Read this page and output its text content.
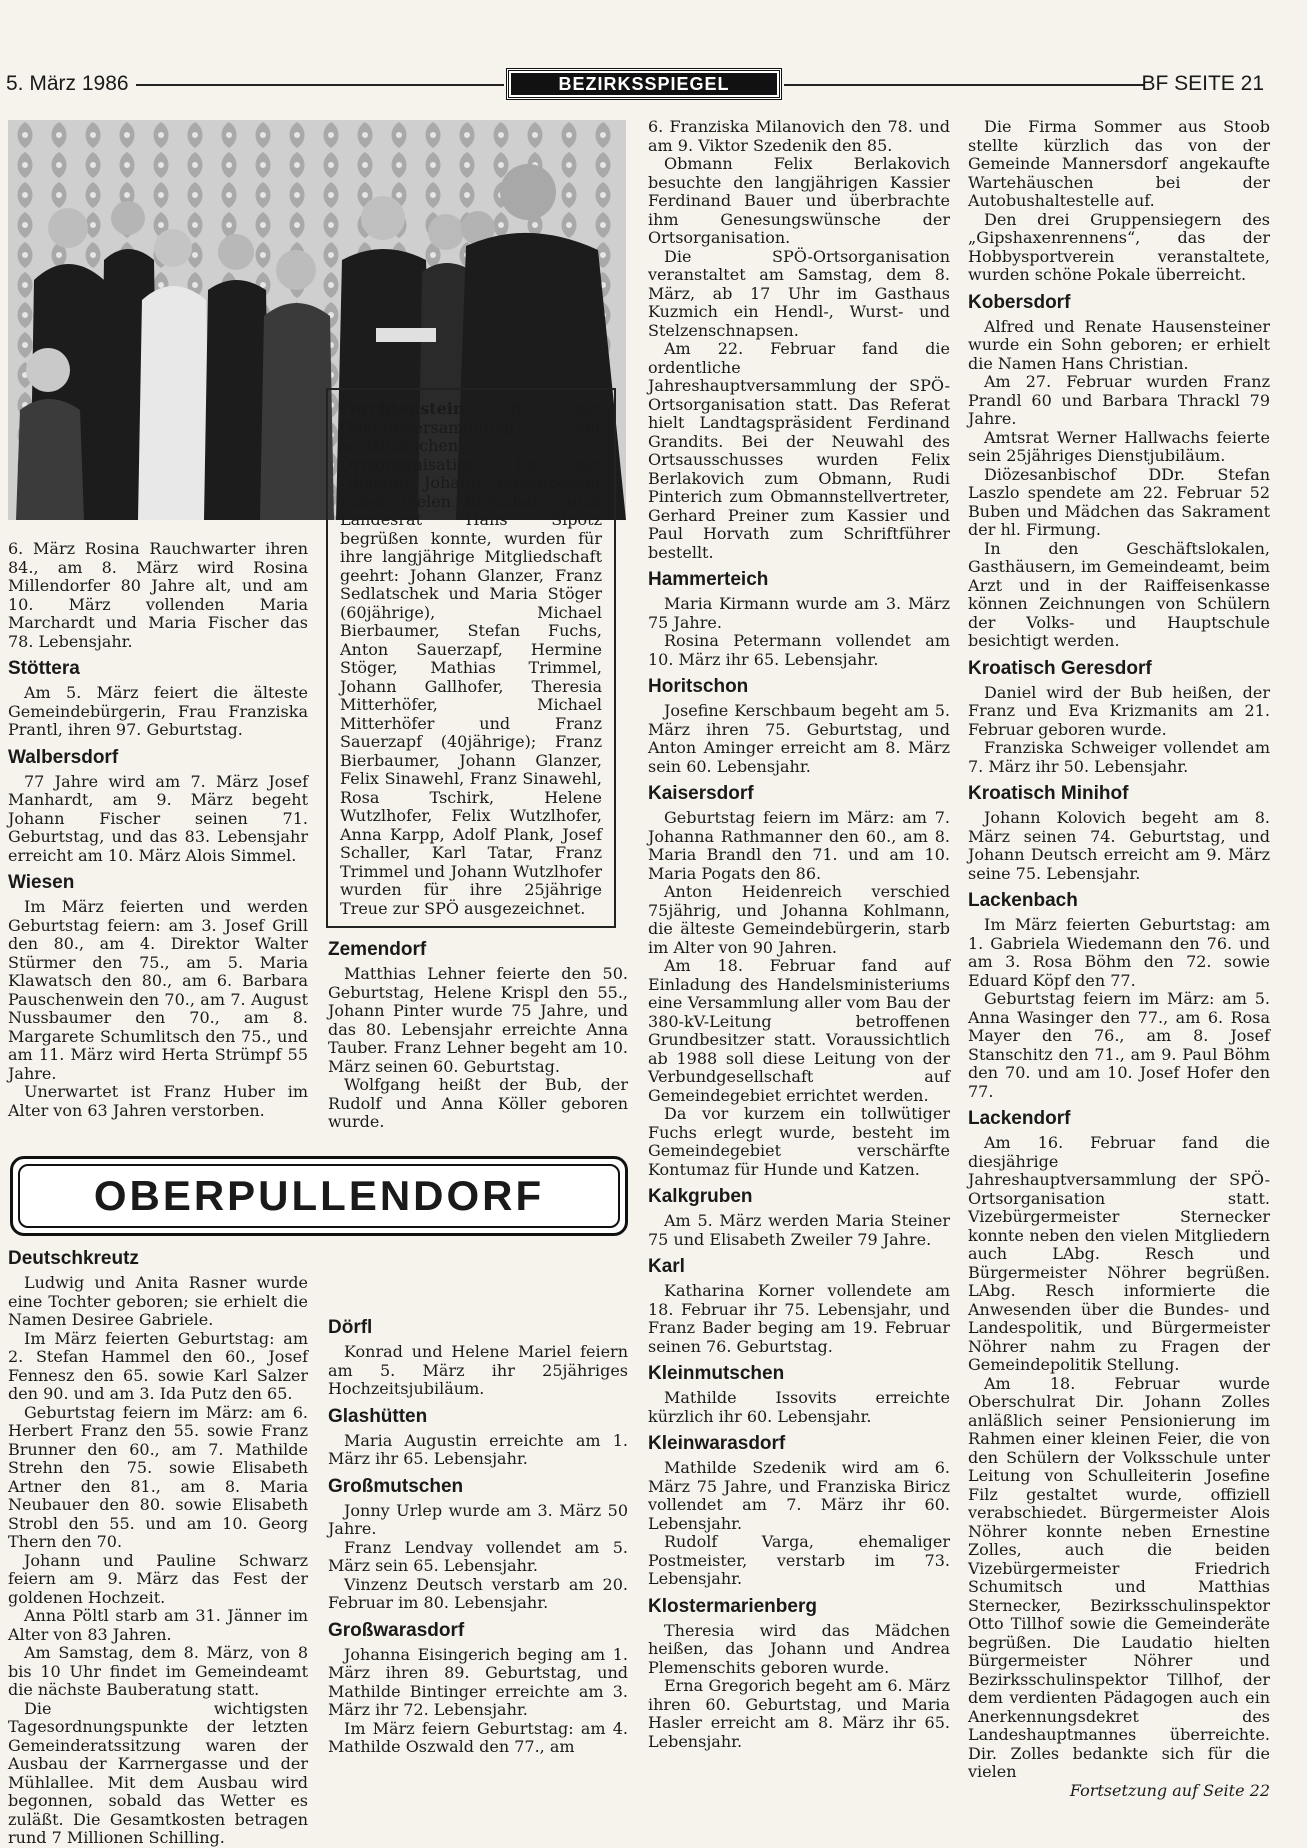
5. März 1986	BEZIRKSSPIEGEL	BF SEITE 21

Forchtenstein. Bei der Generalversammlung der sozialistischen Ortsorganisation, bei der Obmann Johann Eitzenberger neben vielen Besuchern auch Landesrat Hans Sipötz begrüßen konnte, wurden für ihre langjährige Mitgliedschaft geehrt: Johann Glanzer, Franz Sedlatschek und Maria Stöger (60jährige), Michael Bierbaumer, Stefan Fuchs, Anton Sauerzapf, Hermine Stöger, Mathias Trimmel, Johann Gallhofer, Theresia Mitterhöfer, Michael Mitterhöfer und Franz Sauerzapf (40jährige); Franz Bierbaumer, Johann Glanzer, Felix Sinawehl, Franz Sinawehl, Rosa Tschirk, Helene Wutzlhofer, Felix Wutzlhofer, Anna Karpp, Adolf Plank, Josef Schaller, Karl Tatar, Franz Trimmel und Johann Wutzlhofer wurden für ihre 25jährige Treue zur SPÖ ausgezeichnet.

6. März Rosina Rauchwarter ihren 84., am 8. März wird Rosina Millendorfer 80 Jahre alt, und am 10. März vollenden Maria Marchardt und Maria Fischer das 78. Lebensjahr.

Stöttera

Am 5. März feiert die älteste Gemeindebürgerin, Frau Franziska Prantl, ihren 97. Geburtstag.

Walbersdorf

77 Jahre wird am 7. März Josef Manhardt, am 9. März begeht Johann Fischer seinen 71. Geburtstag, und das 83. Lebensjahr erreicht am 10. März Alois Simmel.

Wiesen

Im März feierten und werden Geburtstag feiern: am 3. Josef Grill den 80., am 4. Direktor Walter Stürmer den 75., am 5. Maria Klawatsch den 80., am 6. Barbara Pauschenwein den 70., am 7. August Nussbaumer den 70., am 8. Margarete Schumlitsch den 75., und am 11. März wird Herta Strümpf 55 Jahre.

Unerwartet ist Franz Huber im Alter von 63 Jahren verstorben.

Zemendorf

Matthias Lehner feierte den 50. Geburtstag, Helene Krispl den 55., Johann Pinter wurde 75 Jahre, und das 80. Lebensjahr erreichte Anna Tauber. Franz Lehner begeht am 10. März seinen 60. Geburtstag.

Wolfgang heißt der Bub, der Rudolf und Anna Köller geboren wurde.

OBERPULLENDORF
Deutschkreutz

Ludwig und Anita Rasner wurde eine Tochter geboren; sie erhielt die Namen Desiree Gabriele.

Im März feierten Geburtstag: am 2. Stefan Hammel den 60., Josef Fennesz den 65. sowie Karl Salzer den 90. und am 3. Ida Putz den 65.

Geburtstag feiern im März: am 6. Herbert Franz den 55. sowie Franz Brunner den 60., am 7. Mathilde Strehn den 75. sowie Elisabeth Artner den 81., am 8. Maria Neubauer den 80. sowie Elisabeth Strobl den 55. und am 10. Georg Thern den 70.

Johann und Pauline Schwarz feiern am 9. März das Fest der goldenen Hochzeit.

Anna Pöltl starb am 31. Jänner im Alter von 83 Jahren.

Am Samstag, dem 8. März, von 8 bis 10 Uhr findet im Gemeindeamt die nächste Bauberatung statt.

Die wichtigsten Tagesordnungspunkte der letzten Gemeinderatssitzung waren der Ausbau der Karrnergasse und der Mühlallee. Mit dem Ausbau wird begonnen, sobald das Wetter es zuläßt. Die Gesamtkosten betragen rund 7 Millionen Schilling.

Dörfl

Konrad und Helene Mariel feiern am 5. März ihr 25jähriges Hochzeitsjubiläum.

Glashütten

Maria Augustin erreichte am 1. März ihr 65. Lebensjahr.

Großmutschen

Jonny Urlep wurde am 3. März 50 Jahre.

Franz Lendvay vollendet am 5. März sein 65. Lebensjahr.

Vinzenz Deutsch verstarb am 20. Februar im 80. Lebensjahr.

Großwarasdorf

Johanna Eisingerich beging am 1. März ihren 89. Geburtstag, und Mathilde Bintinger erreichte am 3. März ihr 72. Lebensjahr.

Im März feiern Geburtstag: am 4. Mathilde Oszwald den 77., am

6. Franziska Milanovich den 78. und am 9. Viktor Szedenik den 85.

Obmann Felix Berlakovich besuchte den langjährigen Kassier Ferdinand Bauer und überbrachte ihm Genesungswünsche der Ortsorganisation.

Die SPÖ-Ortsorganisation veranstaltet am Samstag, dem 8. März, ab 17 Uhr im Gasthaus Kuzmich ein Hendl-, Wurst- und Stelzenschnapsen.

Am 22. Februar fand die ordentliche Jahreshauptversammlung der SPÖ-Ortsorganisation statt. Das Referat hielt Landtagspräsident Ferdinand Grandits. Bei der Neuwahl des Ortsausschusses wurden Felix Berlakovich zum Obmann, Rudi Pinterich zum Obmannstellvertreter, Gerhard Preiner zum Kassier und Paul Horvath zum Schriftführer bestellt.

Hammerteich

Maria Kirmann wurde am 3. März 75 Jahre.

Rosina Petermann vollendet am 10. März ihr 65. Lebensjahr.

Horitschon

Josefine Kerschbaum begeht am 5. März ihren 75. Geburtstag, und Anton Aminger erreicht am 8. März sein 60. Lebensjahr.

Kaisersdorf

Geburtstag feiern im März: am 7. Johanna Rathmanner den 60., am 8. Maria Brandl den 71. und am 10. Maria Pogats den 86.

Anton Heidenreich verschied 75jährig, und Johanna Kohlmann, die älteste Gemeindebürgerin, starb im Alter von 90 Jahren.

Am 18. Februar fand auf Einladung des Handelsministeriums eine Versammlung aller vom Bau der 380-kV-Leitung betroffenen Grundbesitzer statt. Voraussichtlich ab 1988 soll diese Leitung von der Verbundgesellschaft auf Gemeindegebiet errichtet werden.

Da vor kurzem ein tollwütiger Fuchs erlegt wurde, besteht im Gemeindegebiet verschärfte Kontumaz für Hunde und Katzen.

Kalkgruben

Am 5. März werden Maria Steiner 75 und Elisabeth Zweiler 79 Jahre.

Karl

Katharina Korner vollendete am 18. Februar ihr 75. Lebensjahr, und Franz Bader beging am 19. Februar seinen 76. Geburtstag.

Kleinmutschen

Mathilde Issovits erreichte kürzlich ihr 60. Lebensjahr.

Kleinwarasdorf

Mathilde Szedenik wird am 6. März 75 Jahre, und Franziska Biricz vollendet am 7. März ihr 60. Lebensjahr.

Rudolf Varga, ehemaliger Postmeister, verstarb im 73. Lebensjahr.

Klostermarienberg

Theresia wird das Mädchen heißen, das Johann und Andrea Plemenschits geboren wurde.

Erna Gregorich begeht am 6. März ihren 60. Geburtstag, und Maria Hasler erreicht am 8. März ihr 65. Lebensjahr.

Die Firma Sommer aus Stoob stellte kürzlich das von der Gemeinde Mannersdorf angekaufte Wartehäuschen bei der Autobushaltestelle auf.

Den drei Gruppensiegern des „Gipshaxenrennens“, das der Hobbysportverein veranstaltete, wurden schöne Pokale überreicht.

Kobersdorf

Alfred und Renate Hausensteiner wurde ein Sohn geboren; er erhielt die Namen Hans Christian.

Am 27. Februar wurden Franz Prandl 60 und Barbara Thrackl 79 Jahre.

Amtsrat Werner Hallwachs feierte sein 25jähriges Dienstjubiläum.

Diözesanbischof DDr. Stefan Laszlo spendete am 22. Februar 52 Buben und Mädchen das Sakrament der hl. Firmung.

In den Geschäftslokalen, Gasthäusern, im Gemeindeamt, beim Arzt und in der Raiffeisenkasse können Zeichnungen von Schülern der Volks- und Hauptschule besichtigt werden.

Kroatisch Geresdorf

Daniel wird der Bub heißen, der Franz und Eva Krizmanits am 21. Februar geboren wurde.

Franziska Schweiger vollendet am 7. März ihr 50. Lebensjahr.

Kroatisch Minihof

Johann Kolovich begeht am 8. März seinen 74. Geburtstag, und Johann Deutsch erreicht am 9. März seine 75. Lebensjahr.

Lackenbach

Im März feierten Geburtstag: am 1. Gabriela Wiedemann den 76. und am 3. Rosa Böhm den 72. sowie Eduard Köpf den 77.

Geburtstag feiern im März: am 5. Anna Wasinger den 77., am 6. Rosa Mayer den 76., am 8. Josef Stanschitz den 71., am 9. Paul Böhm den 70. und am 10. Josef Hofer den 77.

Lackendorf

Am 16. Februar fand die diesjährige Jahreshauptversammlung der SPÖ-Ortsorganisation statt. Vizebürgermeister Sternecker konnte neben den vielen Mitgliedern auch LAbg. Resch und Bürgermeister Nöhrer begrüßen. LAbg. Resch informierte die Anwesenden über die Bundes- und Landespolitik, und Bürgermeister Nöhrer nahm zu Fragen der Gemeindepolitik Stellung.

Am 18. Februar wurde Oberschulrat Dir. Johann Zolles anläßlich seiner Pensionierung im Rahmen einer kleinen Feier, die von den Schülern der Volksschule unter Leitung von Schulleiterin Josefine Filz gestaltet wurde, offiziell verabschiedet. Bürgermeister Alois Nöhrer konnte neben Ernestine Zolles, auch die beiden Vizebürgermeister Friedrich Schumitsch und Matthias Sternecker, Bezirksschulinspektor Otto Tillhof sowie die Gemeinderäte begrüßen. Die Laudatio hielten Bürgermeister Nöhrer und Bezirksschulinspektor Tillhof, der dem verdienten Pädagogen auch ein Anerkennungsdekret des Landeshauptmannes überreichte. Dir. Zolles bedankte sich für die vielen

Fortsetzung auf Seite 22
